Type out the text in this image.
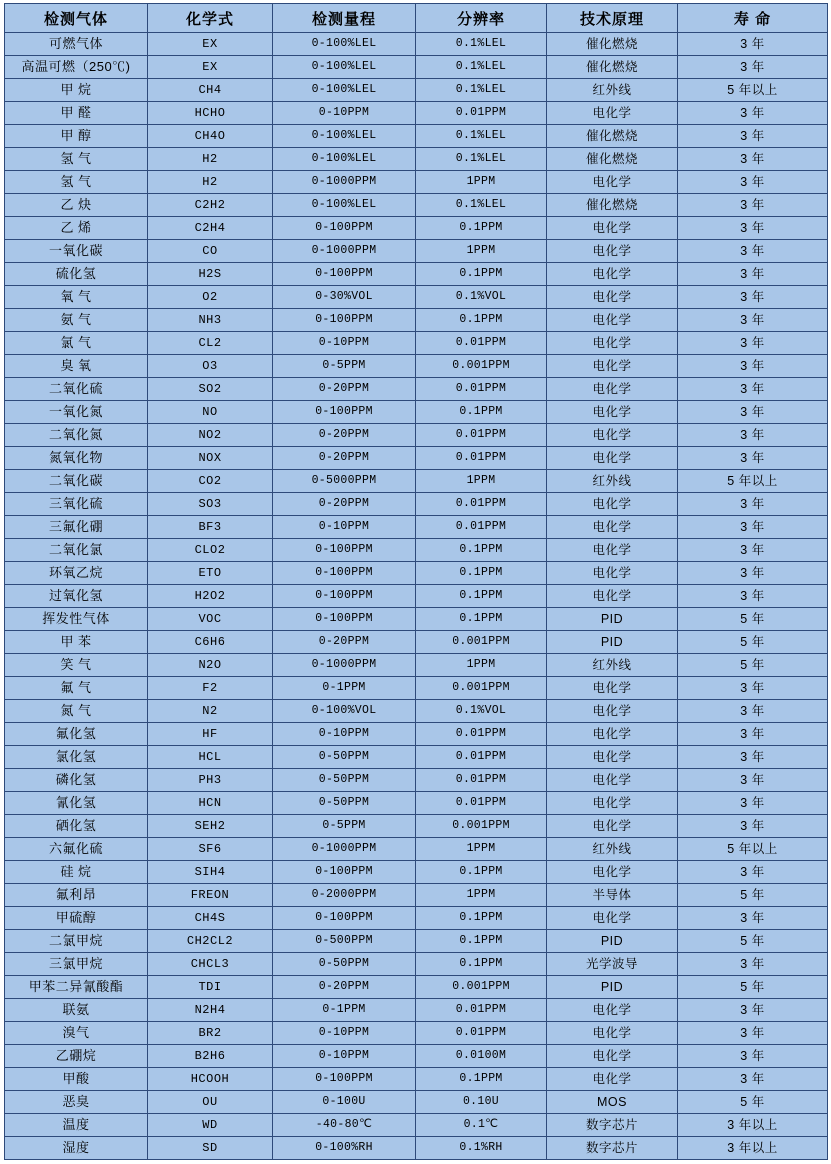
检测气体	化学式	检测量程	分辨率	技术原理	寿 命
可燃气体	EX	0-100%LEL	0.1%LEL	催化燃烧	3 年
高温可燃（250℃)	EX	0-100%LEL	0.1%LEL	催化燃烧	3 年
甲 烷	CH4	0-100%LEL	0.1%LEL	红外线	5 年以上
甲 醛	HCHO	0-10PPM	0.01PPM	电化学	3 年
甲 醇	CH4O	0-100%LEL	0.1%LEL	催化燃烧	3 年
氢 气	H2	0-100%LEL	0.1%LEL	催化燃烧	3 年
氢 气	H2	0-1000PPM	1PPM	电化学	3 年
乙 炔	C2H2	0-100%LEL	0.1%LEL	催化燃烧	3 年
乙 烯	C2H4	0-100PPM	0.1PPM	电化学	3 年
一氧化碳	CO	0-1000PPM	1PPM	电化学	3 年
硫化氢	H2S	0-100PPM	0.1PPM	电化学	3 年
氧 气	O2	0-30%VOL	0.1%VOL	电化学	3 年
氨 气	NH3	0-100PPM	0.1PPM	电化学	3 年
氯 气	CL2	0-10PPM	0.01PPM	电化学	3 年
臭 氧	O3	0-5PPM	0.001PPM	电化学	3 年
二氧化硫	SO2	0-20PPM	0.01PPM	电化学	3 年
一氧化氮	NO	0-100PPM	0.1PPM	电化学	3 年
二氧化氮	NO2	0-20PPM	0.01PPM	电化学	3 年
氮氧化物	NOX	0-20PPM	0.01PPM	电化学	3 年
二氧化碳	CO2	0-5000PPM	1PPM	红外线	5 年以上
三氧化硫	SO3	0-20PPM	0.01PPM	电化学	3 年
三氟化硼	BF3	0-10PPM	0.01PPM	电化学	3 年
二氧化氯	CLO2	0-100PPM	0.1PPM	电化学	3 年
环氧乙烷	ETO	0-100PPM	0.1PPM	电化学	3 年
过氧化氢	H2O2	0-100PPM	0.1PPM	电化学	3 年
挥发性气体	VOC	0-100PPM	0.1PPM	PID	5 年
甲 苯	C6H6	0-20PPM	0.001PPM	PID	5 年
笑 气	N2O	0-1000PPM	1PPM	红外线	5 年
氟 气	F2	0-1PPM	0.001PPM	电化学	3 年
氮 气	N2	0-100%VOL	0.1%VOL	电化学	3 年
氟化氢	HF	0-10PPM	0.01PPM	电化学	3 年
氯化氢	HCL	0-50PPM	0.01PPM	电化学	3 年
磷化氢	PH3	0-50PPM	0.01PPM	电化学	3 年
氰化氢	HCN	0-50PPM	0.01PPM	电化学	3 年
硒化氢	SEH2	0-5PPM	0.001PPM	电化学	3 年
六氟化硫	SF6	0-1000PPM	1PPM	红外线	5 年以上
硅 烷	SIH4	0-100PPM	0.1PPM	电化学	3 年
氟利昂	FREON	0-2000PPM	1PPM	半导体	5 年
甲硫醇	CH4S	0-100PPM	0.1PPM	电化学	3 年
二氯甲烷	CH2CL2	0-500PPM	0.1PPM	PID	5 年
三氯甲烷	CHCL3	0-50PPM	0.1PPM	光学波导	3 年
甲苯二异氰酸酯	TDI	0-20PPM	0.001PPM	PID	5 年
联氨	N2H4	0-1PPM	0.01PPM	电化学	3 年
溴气	BR2	0-10PPM	0.01PPM	电化学	3 年
乙硼烷	B2H6	0-10PPM	0.0100M	电化学	3 年
甲酸	HCOOH	0-100PPM	0.1PPM	电化学	3 年
恶臭	OU	0-100U	0.10U	MOS	5 年
温度	WD	-40-80℃	0.1℃	数字芯片	3 年以上
湿度	SD	0-100%RH	0.1%RH	数字芯片	3 年以上
